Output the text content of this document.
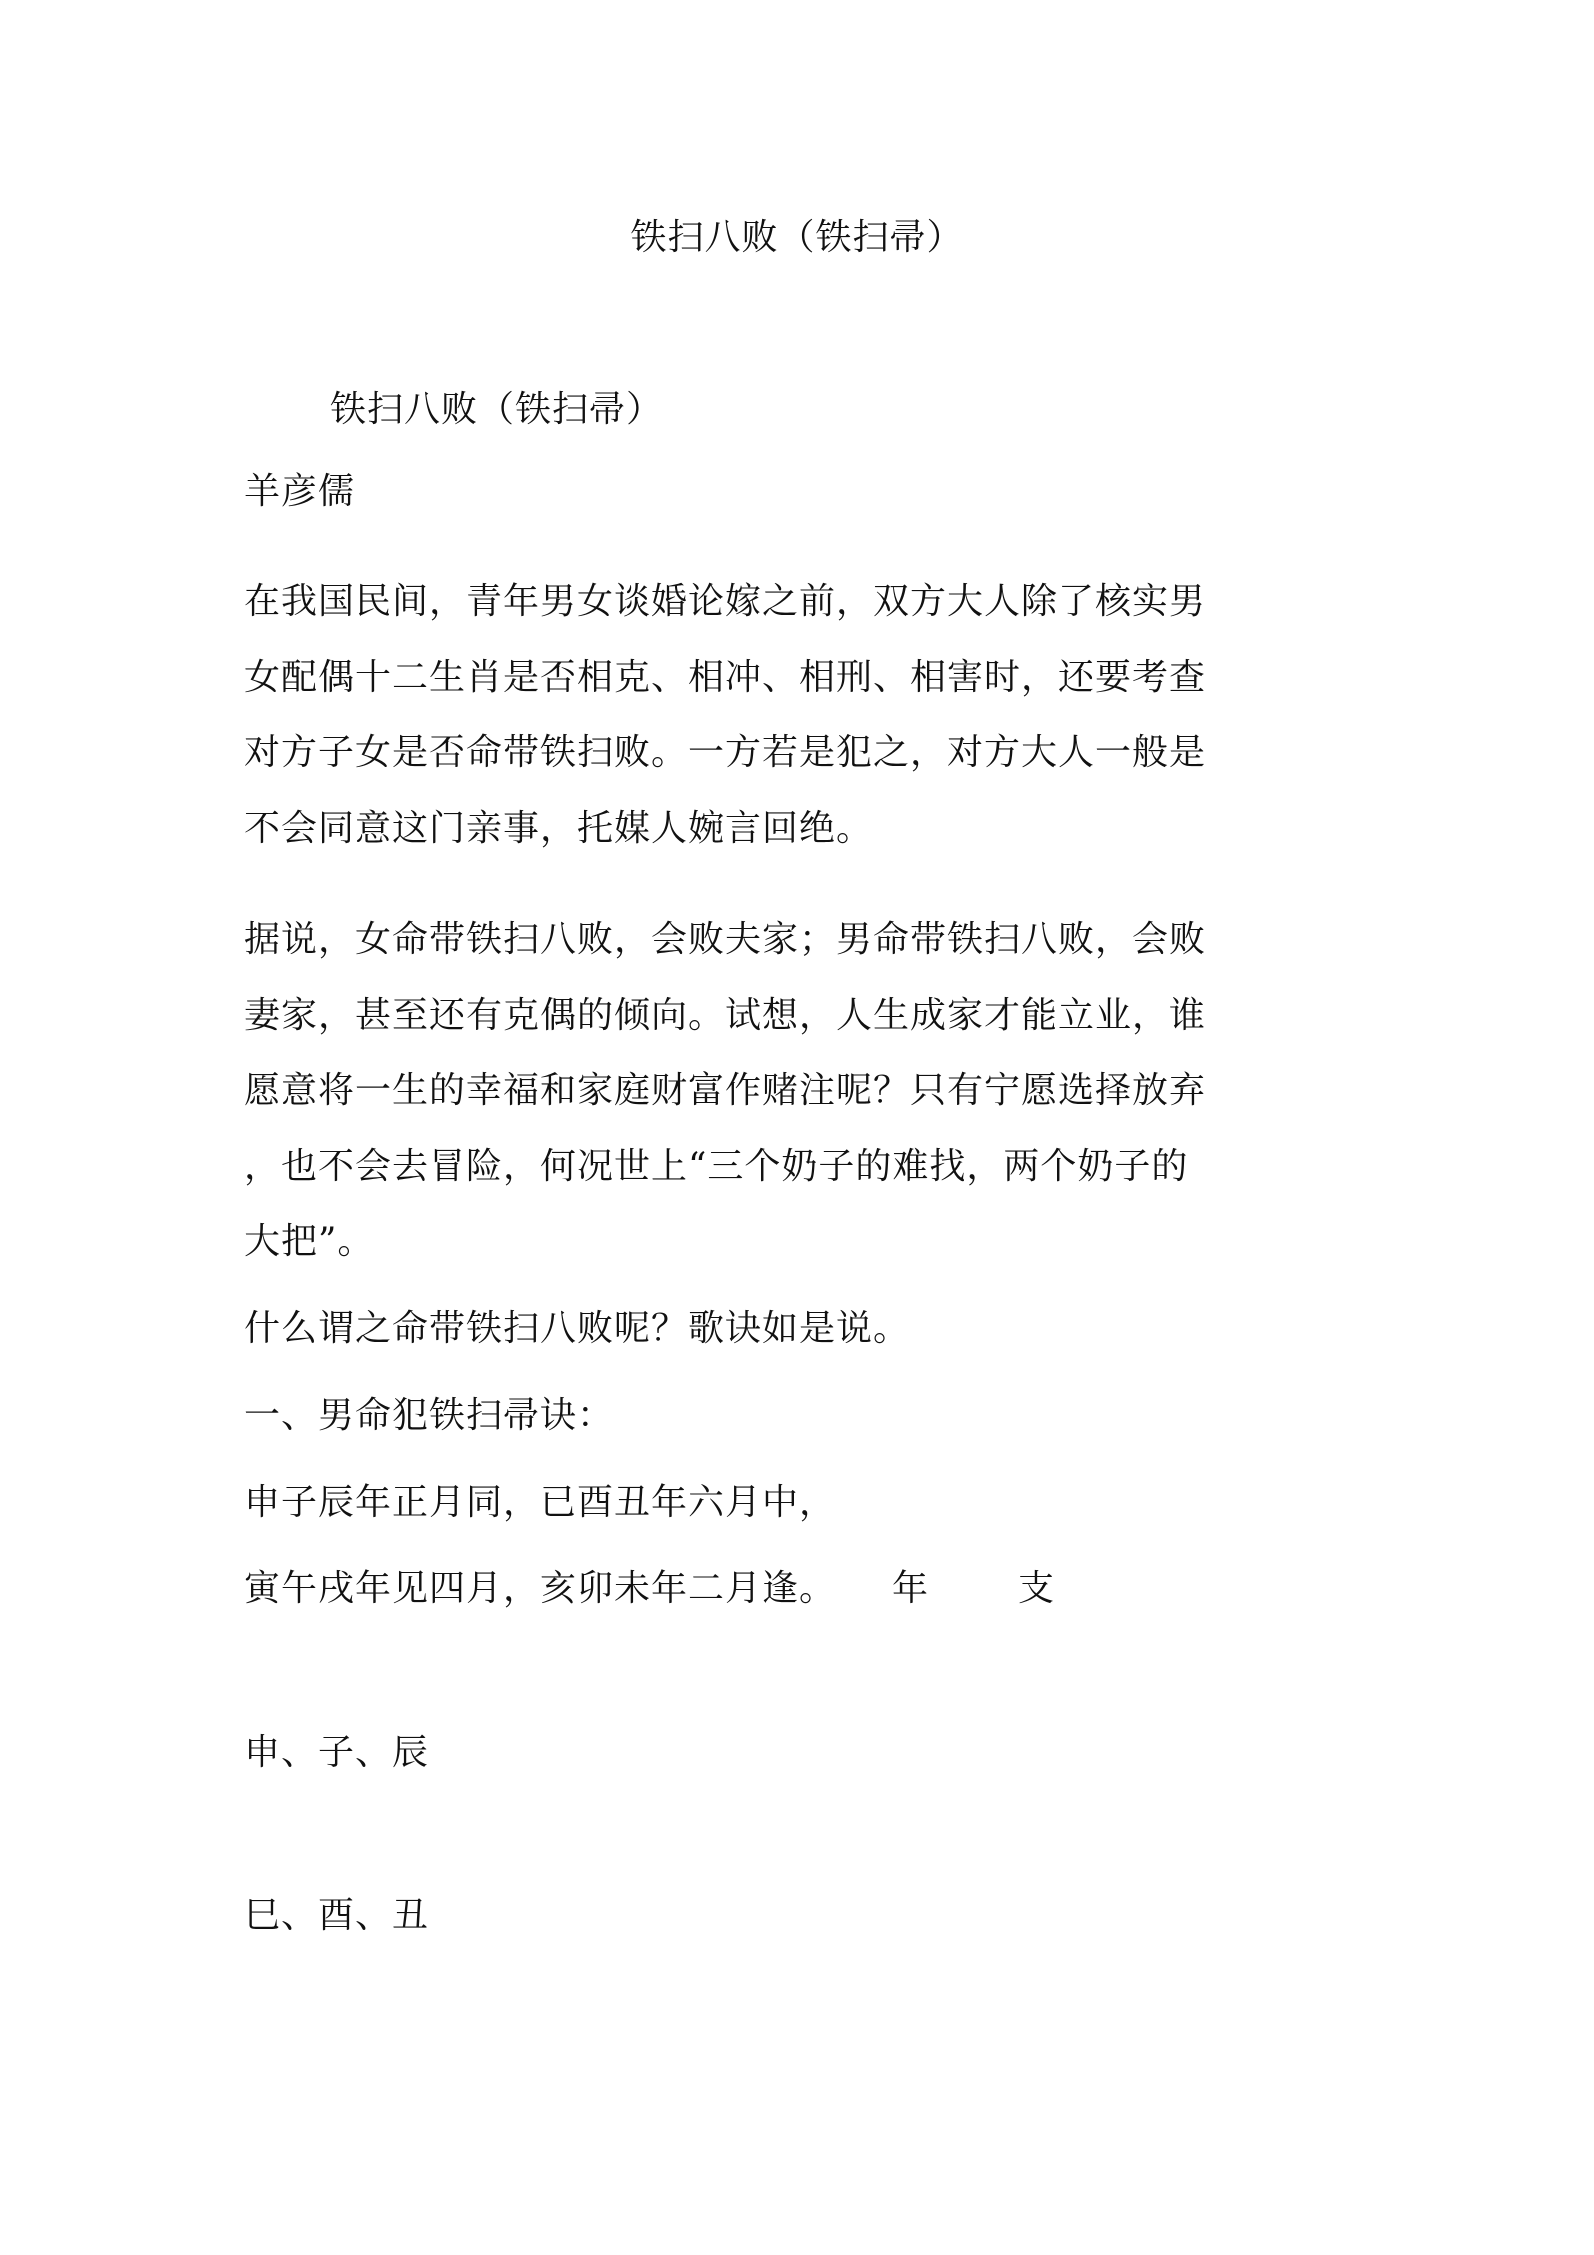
铁扫八败（铁扫帚）
铁扫八败（铁扫帚）
羊彦儒
在我国民间，青年男女谈婚论嫁之前，双方大人除了核实男
女配偶十二生肖是否相克、相冲、相刑、相害时，还要考查
对方子女是否命带铁扫败。一方若是犯之，对方大人一般是
不会同意这门亲事，托媒人婉言回绝。
据说，女命带铁扫八败，会败夫家；男命带铁扫八败，会败
妻家，甚至还有克偶的倾向。试想，人生成家才能立业，谁
愿意将一生的幸福和家庭财富作赌注呢？只有宁愿选择放弃
，也不会去冒险，何况世上“三个奶子的难找，两个奶子的
大把”。
什么谓之命带铁扫八败呢？歌诀如是说。
一、男命犯铁扫帚诀：
申子辰年正月同，已酉丑年六月中，
寅午戌年见四月，亥卯未年二月逢。	年 支
申、子、辰
巳、酉、丑
